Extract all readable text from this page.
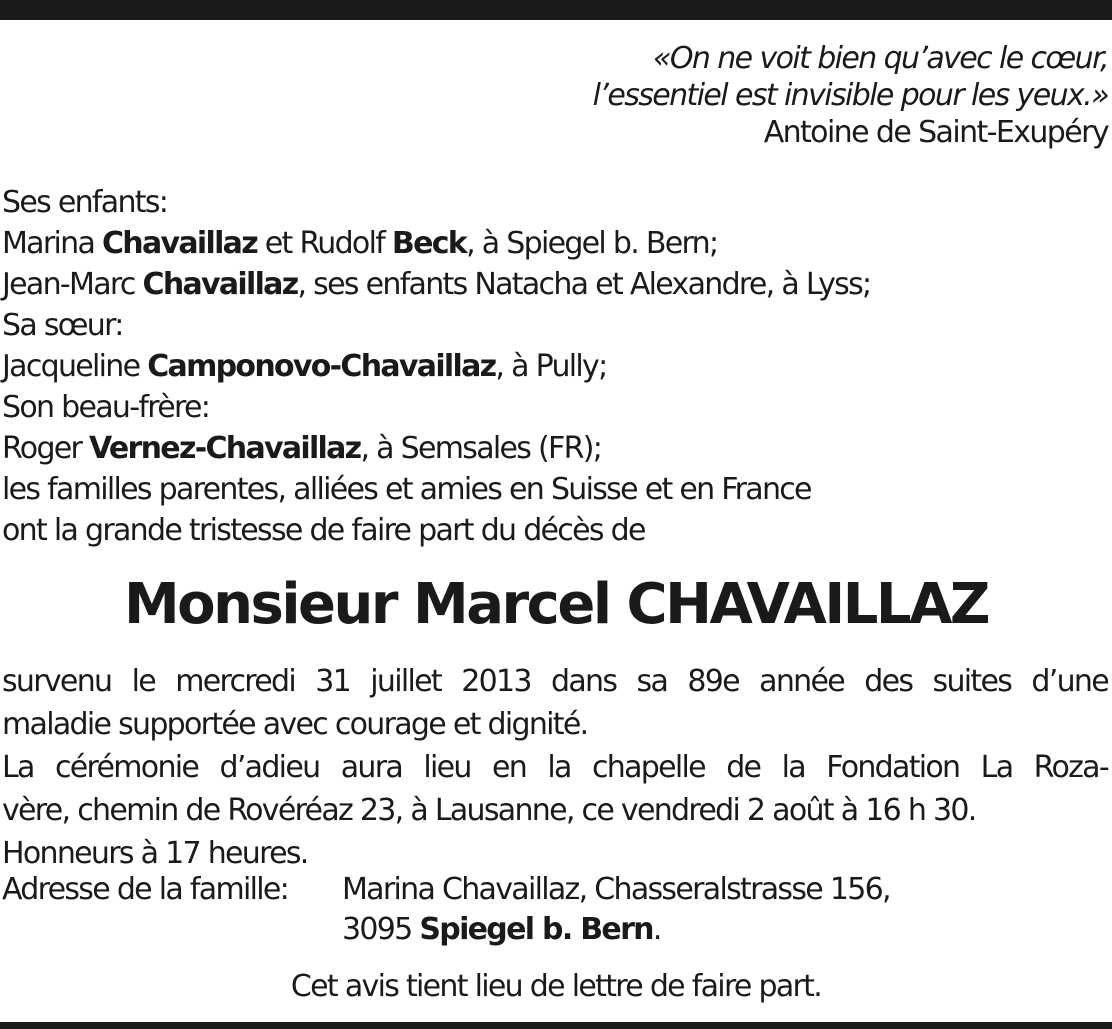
«On ne voit bien qu’avec le cœur,
l’essentiel est invisible pour les yeux.»
Antoine de Saint-Exupéry
Ses enfants:
Marina Chavaillaz et Rudolf Beck, à Spiegel b. Bern;
Jean-Marc Chavaillaz, ses enfants Natacha et Alexandre, à Lyss;
Sa sœur:
Jacqueline Camponovo-Chavaillaz, à Pully;
Son beau-frère:
Roger Vernez-Chavaillaz, à Semsales (FR);
les familles parentes, alliées et amies en Suisse et en France
ont la grande tristesse de faire part du décès de
Monsieur Marcel CHAVAILLAZ
survenu le mercredi 31 juillet 2013 dans sa 89e année des suites d’une
maladie supportée avec courage et dignité.
La cérémonie d’adieu aura lieu en la chapelle de la Fondation La Roza-
vère, chemin de Rovéréaz 23, à Lausanne, ce vendredi 2 août à 16 h 30.
Honneurs à 17 heures.
Adresse de la famille: Marina Chavaillaz, Chasseralstrasse 156,
3095 Spiegel b. Bern.
Cet avis tient lieu de lettre de faire part.
